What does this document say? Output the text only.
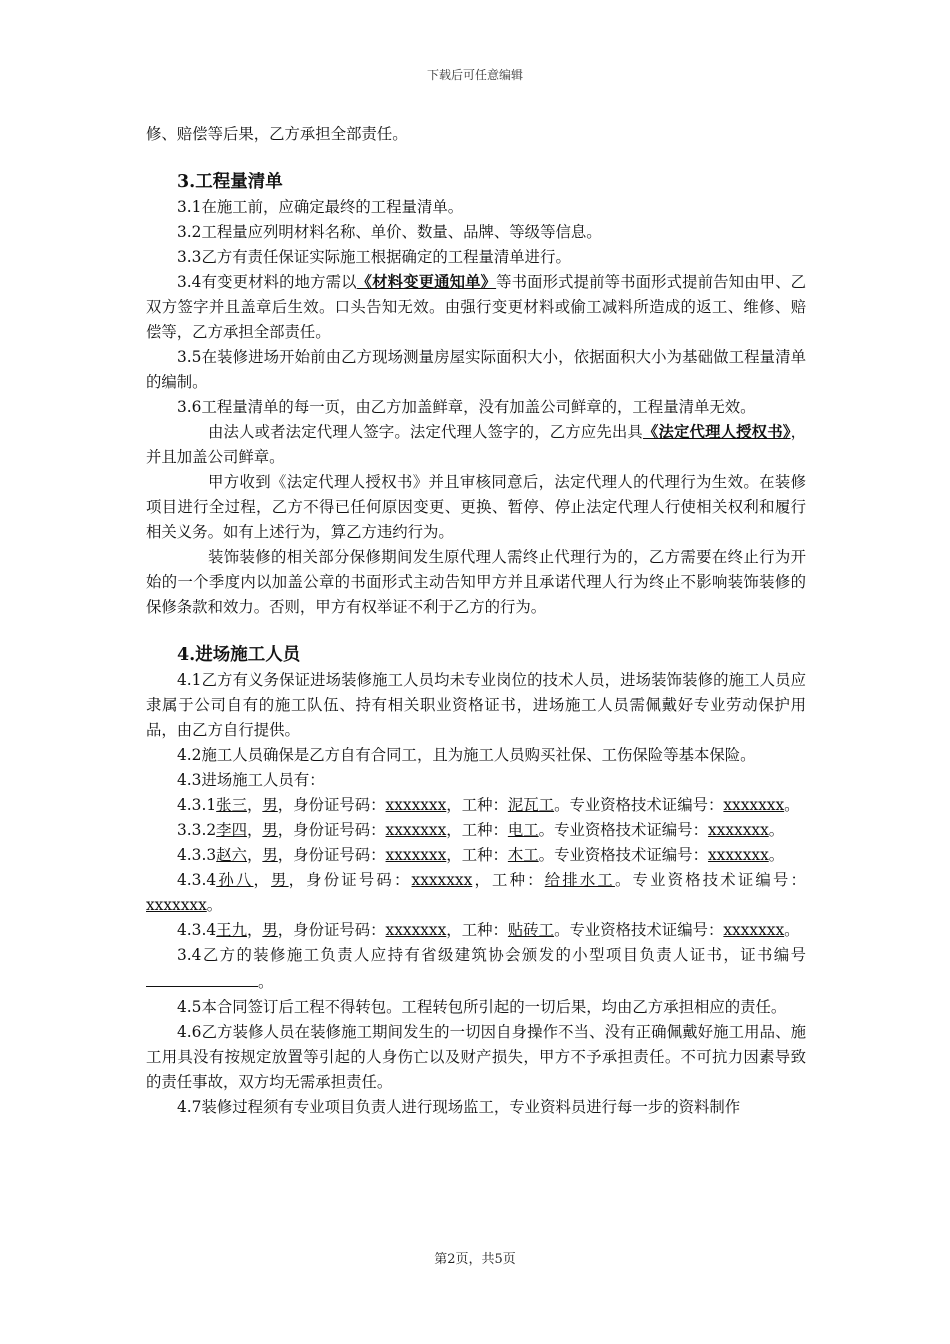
下载后可任意编辑

修、赔偿等后果，乙方承担全部责任。

3.工程量清单

3.1在施工前，应确定最终的工程量清单。

3.2工程量应列明材料名称、单价、数量、品牌、等级等信息。

3.3乙方有责任保证实际施工根据确定的工程量清单进行。

3.4有变更材料的地方需以《材料变更通知单》等书面形式提前等书面形式提前告知由甲、乙双方签字并且盖章后生效。口头告知无效。由强行变更材料或偷工减料所造成的返工、维修、赔偿等，乙方承担全部责任。

3.5在装修进场开始前由乙方现场测量房屋实际面积大小，依据面积大小为基础做工程量清单的编制。

3.6工程量清单的每一页，由乙方加盖鲜章，没有加盖公司鲜章的，工程量清单无效。

由法人或者法定代理人签字。法定代理人签字的，乙方应先出具《法定代理人授权书》，并且加盖公司鲜章。

甲方收到《法定代理人授权书》并且审核同意后，法定代理人的代理行为生效。在装修项目进行全过程，乙方不得已任何原因变更、更换、暂停、停止法定代理人行使相关权利和履行相关义务。如有上述行为，算乙方违约行为。

装饰装修的相关部分保修期间发生原代理人需终止代理行为的，乙方需要在终止行为开始的一个季度内以加盖公章的书面形式主动告知甲方并且承诺代理人行为终止不影响装饰装修的保修条款和效力。否则，甲方有权举证不利于乙方的行为。

4.进场施工人员

4.1乙方有义务保证进场装修施工人员均未专业岗位的技术人员，进场装饰装修的施工人员应隶属于公司自有的施工队伍、持有相关职业资格证书，进场施工人员需佩戴好专业劳动保护用品，由乙方自行提供。

4.2施工人员确保是乙方自有合同工，且为施工人员购买社保、工伤保险等基本保险。

4.3进场施工人员有：

4.3.1张三，男，身份证号码：xxxxxxx，工种：泥瓦工。专业资格技术证编号：xxxxxxx。

3.3.2李四，男，身份证号码：xxxxxxx，工种：电工。专业资格技术证编号：xxxxxxx。

4.3.3赵六，男，身份证号码：xxxxxxx，工种：木工。专业资格技术证编号：xxxxxxx。

4.3.4孙八，男，身份证号码：xxxxxxx，工种：给排水工。专业资格技术证编号：xxxxxxx。

4.3.4王九，男，身份证号码：xxxxxxx，工种：贴砖工。专业资格技术证编号：xxxxxxx。

3.4乙方的装修施工负责人应持有省级建筑协会颁发的小型项目负责人证书，证书编号。

4.5本合同签订后工程不得转包。工程转包所引起的一切后果，均由乙方承担相应的责任。

4.6乙方装修人员在装修施工期间发生的一切因自身操作不当、没有正确佩戴好施工用品、施工用具没有按规定放置等引起的人身伤亡以及财产损失，甲方不予承担责任。不可抗力因素导致的责任事故，双方均无需承担责任。

4.7装修过程须有专业项目负责人进行现场监工，专业资料员进行每一步的资料制作

第2页，共5页
